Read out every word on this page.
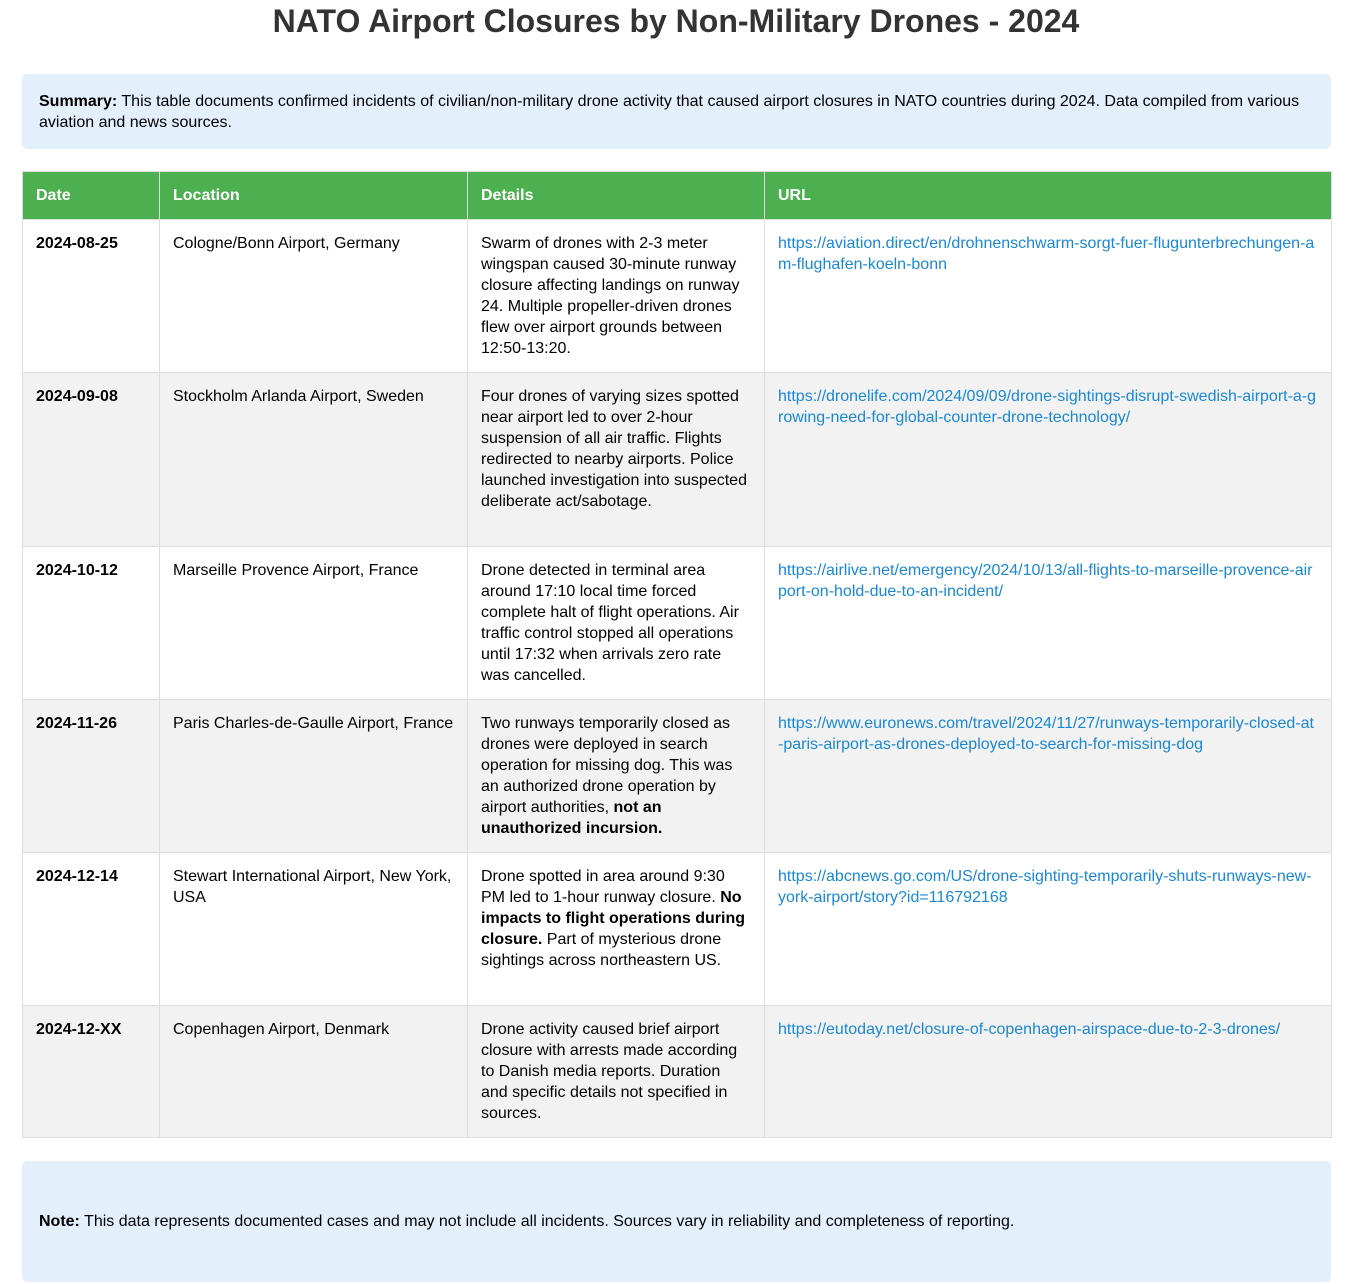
NATO Airport Closures by Non-Military Drones - 2024
Summary: This table documents confirmed incidents of civilian/non-military drone activity that caused airport closures in NATO countries during 2024. Data compiled from various aviation and news sources.
Date	Location	Details	URL
2024-08-25	Cologne/Bonn Airport, Germany	Swarm of drones with 2-3 meter wingspan caused 30-minute runway closure affecting landings on runway 24. Multiple propeller-driven drones flew over airport grounds between 12:50-13:20.	https://aviation.direct/en/drohnenschwarm-sorgt-fuer-flugunterbrechungen-am-flughafen-koeln-bonn
2024-09-08	Stockholm Arlanda Airport, Sweden	Four drones of varying sizes spotted near airport led to over 2-hour suspension of all air traffic. Flights redirected to nearby airports. Police launched investigation into suspected deliberate act/sabotage.	https://dronelife.com/2024/09/09/drone-sightings-disrupt-swedish-airport-a-growing-need-for-global-counter-drone-technology/
2024-10-12	Marseille Provence Airport, France	Drone detected in terminal area around 17:10 local time forced complete halt of flight operations. Air traffic control stopped all operations until 17:32 when arrivals zero rate was cancelled.	https://airlive.net/emergency/2024/10/13/all-flights-to-marseille-provence-airport-on-hold-due-to-an-incident/
2024-11-26	Paris Charles-de-Gaulle Airport, France	Two runways temporarily closed as drones were deployed in search operation for missing dog. This was an authorized drone operation by airport authorities, not an unauthorized incursion.	https://www.euronews.com/travel/2024/11/27/runways-temporarily-closed-at-paris-airport-as-drones-deployed-to-search-for-missing-dog
2024-12-14	Stewart International Airport, New York, USA	Drone spotted in area around 9:30 PM led to 1-hour runway closure. No impacts to flight operations during closure. Part of mysterious drone sightings across northeastern US.	https://abcnews.go.com/US/drone-sighting-temporarily-shuts-runways-new-york-airport/story?id=116792168
2024-12-XX	Copenhagen Airport, Denmark	Drone activity caused brief airport closure with arrests made according to Danish media reports. Duration and specific details not specified in sources.	https://eutoday.net/closure-of-copenhagen-airspace-due-to-2-3-drones/
Note: This data represents documented cases and may not include all incidents. Sources vary in reliability and completeness of reporting.
